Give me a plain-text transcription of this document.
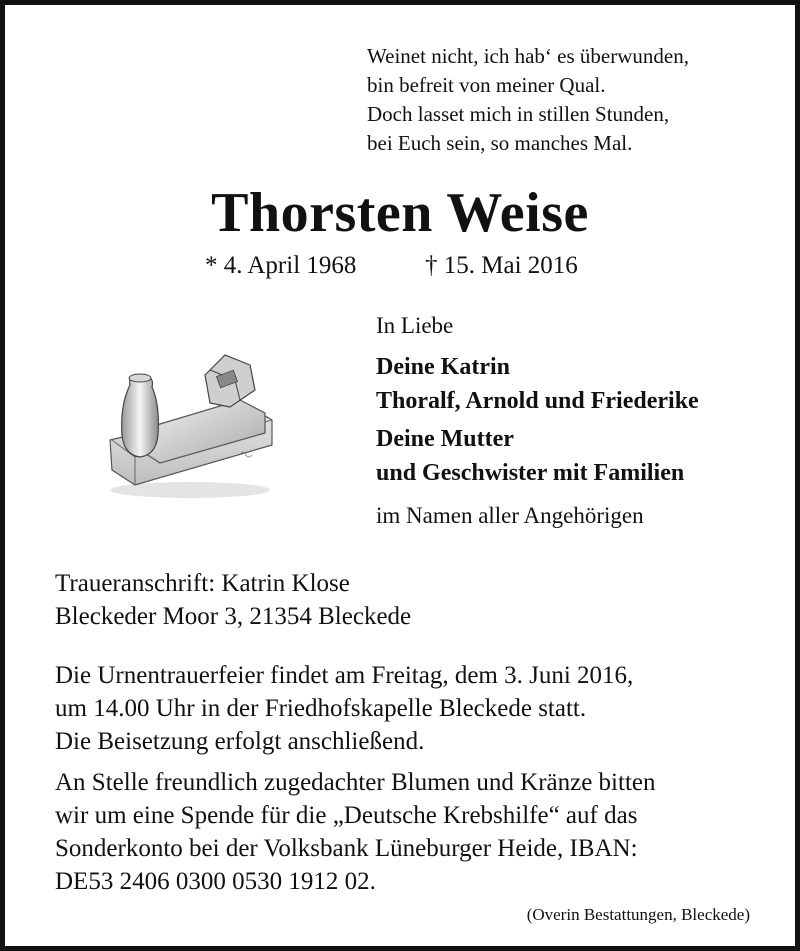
Weinet nicht, ich hab‘ es überwunden,
bin befreit von meiner Qual.
Doch lasset mich in stillen Stunden,
bei Euch sein, so manches Mal.
Thorsten Weise
* 4. April 1968	† 15. Mai 2016
In Liebe
Deine Katrin
Thoralf, Arnold und Friederike
Deine Mutter
und Geschwister mit Familien
im Namen aller Angehörigen
Traueranschrift: Katrin Klose
Bleckeder Moor 3, 21354 Bleckede
Die Urnentrauerfeier findet am Freitag, dem 3. Juni 2016,
um 14.00 Uhr in der Friedhofskapelle Bleckede statt.
Die Beisetzung erfolgt anschließend.
An Stelle freundlich zugedachter Blumen und Kränze bitten
wir um eine Spende für die „Deutsche Krebshilfe“ auf das
Sonderkonto bei der Volksbank Lüneburger Heide, IBAN:
DE53 2406 0300 0530 1912 02.
(Overin Bestattungen, Bleckede)
